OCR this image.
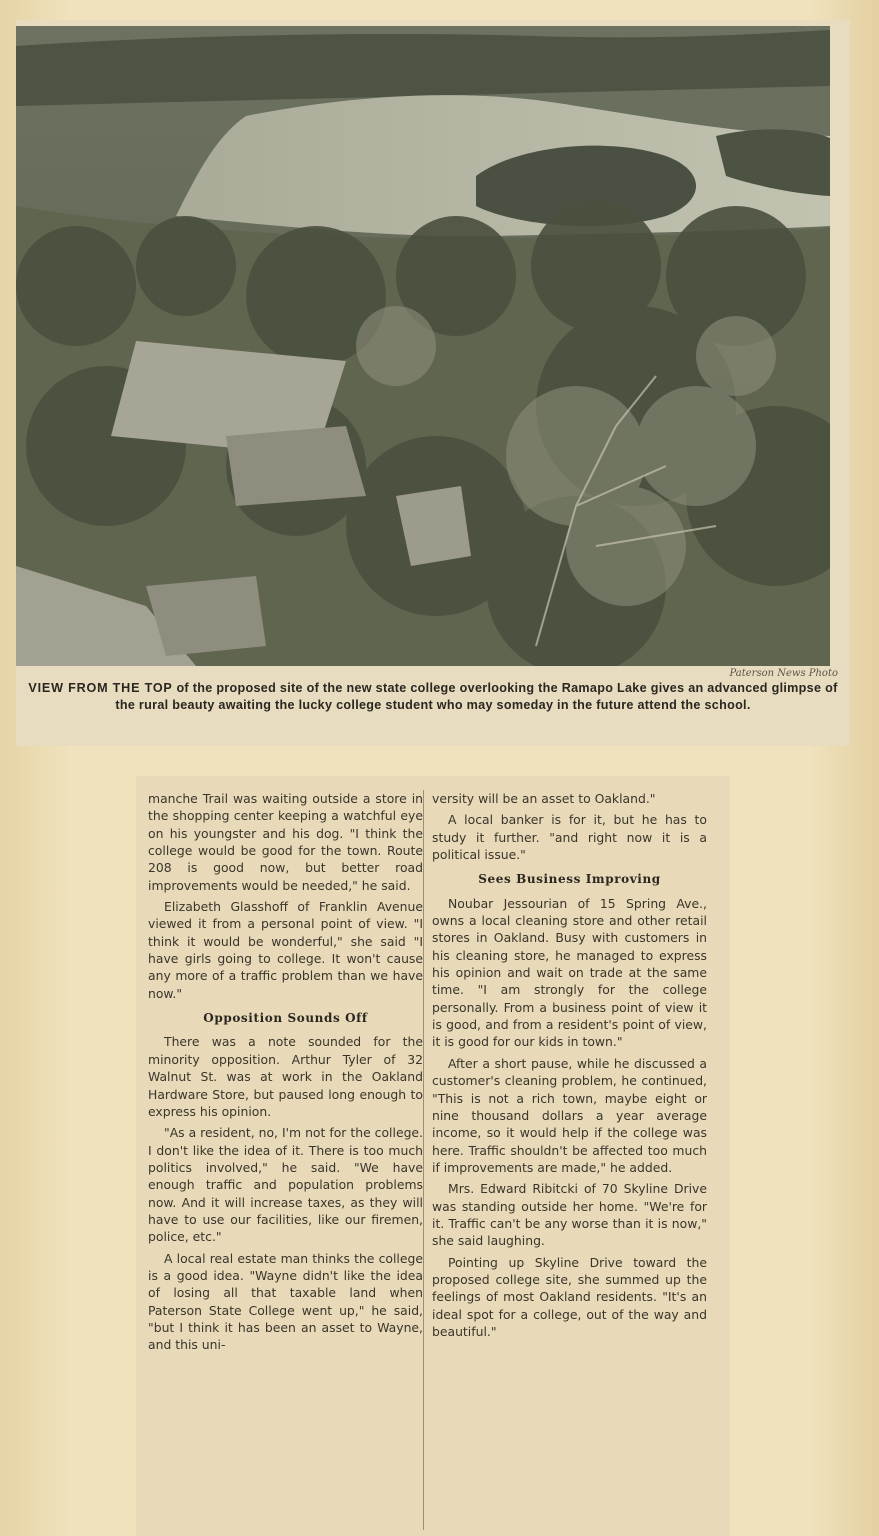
Paterson News Photo
VIEW FROM THE TOP of the proposed site of the new state college overlooking the Ramapo Lake gives an advanced glimpse of the rural beauty awaiting the lucky college student who may someday in the future attend the school.

manche Trail was waiting outside a store in the shopping center keeping a watchful eye on his youngster and his dog. "I think the college would be good for the town. Route 208 is good now, but better road improvements would be needed," he said.

Elizabeth Glasshoff of Franklin Avenue viewed it from a personal point of view. "I think it would be wonderful," she said "I have girls going to college. It won't cause any more of a traffic problem than we have now."

Opposition Sounds Off

There was a note sounded for the minority opposition. Arthur Tyler of 32 Walnut St. was at work in the Oakland Hardware Store, but paused long enough to express his opinion.

"As a resident, no, I'm not for the college. I don't like the idea of it. There is too much politics involved," he said. "We have enough traffic and population problems now. And it will increase taxes, as they will have to use our facilities, like our firemen, police, etc."

A local real estate man thinks the college is a good idea. "Wayne didn't like the idea of losing all that taxable land when Paterson State College went up," he said, "but I think it has been an asset to Wayne, and this uni-

versity will be an asset to Oakland."

A local banker is for it, but he has to study it further. "and right now it is a political issue."

Sees Business Improving

Noubar Jessourian of 15 Spring Ave., owns a local cleaning store and other retail stores in Oakland. Busy with customers in his cleaning store, he managed to express his opinion and wait on trade at the same time. "I am strongly for the college personally. From a business point of view it is good, and from a resident's point of view, it is good for our kids in town."

After a short pause, while he discussed a customer's cleaning problem, he continued, "This is not a rich town, maybe eight or nine thousand dollars a year average income, so it would help if the college was here. Traffic shouldn't be affected too much if improvements are made," he added.

Mrs. Edward Ribitcki of 70 Skyline Drive was standing outside her home. "We're for it. Traffic can't be any worse than it is now," she said laughing.

Pointing up Skyline Drive toward the proposed college site, she summed up the feelings of most Oakland residents. "It's an ideal spot for a college, out of the way and beautiful."
